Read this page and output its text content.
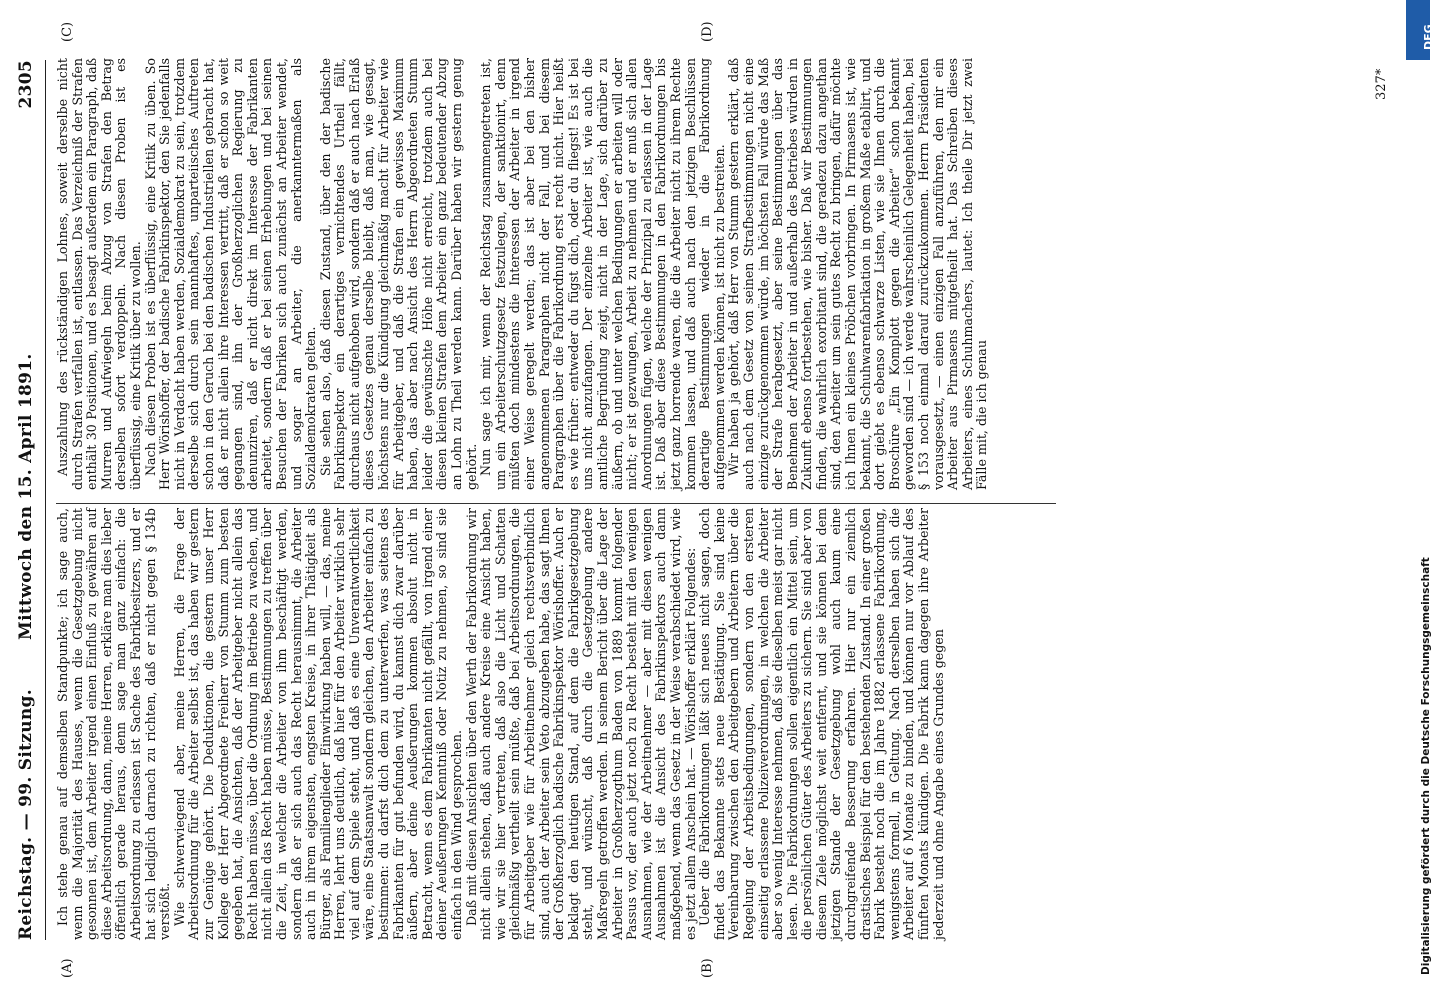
Reichstag. — 99. Sitzung.
Mittwoch den 15. April 1891.
2305
(A)	(B)
(C)	(D)

Ich stehe genau auf demselben Standpunkte; ich sage auch, wenn die Majorität des Hauses, wenn die Gesetzgebung nicht gesonnen ist, dem Arbeiter irgend einen Einfluß zu gewähren auf diese Arbeitsordnung, dann, meine Herren, erkläre man dies lieber öffentlich gerade heraus, denn sage man ganz einfach: die Arbeitsordnung zu erlassen ist Sache des Fabrikbesitzers, und er hat sich lediglich darnach zu richten, daß er nicht gegen § 134b verstößt. Wie schwerwiegend aber, meine Herren, die Frage der Arbeitsordnung für die Arbeiter selbst ist, das haben wir gestern zur Genüge gehört. Die Deduktionen, die gestern unser Herr Kollege der Herr Abgeordnete Freiherr von Stumm zum besten gegeben hat, die Ansichten, daß der Arbeitgeber nicht allein das Recht haben müsse, über die Ordnung im Betriebe zu wachen, und nicht allein das Recht haben müsse, Bestimmungen zu treffen über die Zeit, in welcher die Arbeiter von ihm beschäftigt werden, sondern daß er sich auch das Recht herausnimmt, die Arbeiter auch in ihrem eigensten, engsten Kreise, in ihrer Thätigkeit als Bürger, als Familienglieder Einwirkung haben will, — das, meine Herren, lehrt uns deutlich, daß hier für den Arbeiter wirklich sehr viel auf dem Spiele steht, und daß es eine Unverantwortlichkeit wäre, eine Staatsanwalt sondern gleichen, den Arbeiter einfach zu bestimmen: du darfst dich dem zu unterwerfen, was seitens des Fabrikanten für gut befunden wird, du kannst dich zwar darüber äußern, aber deine Aeußerungen kommen absolut nicht in Betracht, wenn es dem Fabrikanten nicht gefällt, von irgend einer deiner Aeußerungen Kenntniß oder Notiz zu nehmen, so sind sie einfach in den Wind gesprochen. Daß mit diesen Ansichten über den Werth der Fabrikordnung wir nicht allein stehen, daß auch andere Kreise eine Ansicht haben, wie wir sie hier vertreten, daß also die Licht und Schatten gleichmäßig vertheilt sein müßte, daß bei Arbeitsordnungen, die für Arbeitgeber wie für Arbeitnehmer gleich rechtsverbindlich sind, auch der Arbeiter sein Veto abzugeben habe, das sagt Ihnen der Großherzoglich badische Fabrikinspektor Wörishoffer. Auch er beklagt den heutigen Stand, auf dem die Fabrikgesetzgebung steht, und wünscht, daß durch die Gesetzgebung andere Maßregeln getroffen werden. In seinem Bericht über die Lage der Arbeiter in Großherzogthum Baden von 1889 kommt folgender Passus vor, der auch jetzt noch zu Recht besteht mit den wenigen Ausnahmen, wie der Arbeitnehmer — aber mit diesen wenigen Ausnahmen ist die Ansicht des Fabrikinspektors auch dann maßgebend, wenn das Gesetz in der Weise verabschiedet wird, wie es jetzt allem Anschein hat. — Wörishoffer erklärt Folgendes: Ueber die Fabrikordnungen läßt sich neues nicht sagen, doch findet das Bekannte stets neue Bestätigung. Sie sind keine Vereinbarung zwischen den Arbeitgebern und Arbeitern über die Regelung der Arbeitsbedingungen, sondern von den ersteren einseitig erlassene Polizeiverordnungen, in welchen die Arbeiter aber so wenig Interesse nehmen, daß sie dieselben meist gar nicht lesen. Die Fabrikordnungen sollen eigentlich ein Mittel sein, um die persönlichen Güter des Arbeiters zu sichern. Sie sind aber von diesem Ziele möglichst weit entfernt, und sie können bei dem jetzigen Stande der Gesetzgebung wohl auch kaum eine durchgreifende Besserung erfahren. Hier nur ein ziemlich drastisches Beispiel für den bestehenden Zustand. In einer großen Fabrik besteht noch die im Jahre 1882 erlassene Fabrikordnung, wenigstens formell, in Geltung. Nach derselben haben sich die Arbeiter auf 6 Monate zu binden, und können nur vor Ablauf des fünften Monats kündigen. Die Fabrik kann dagegen ihre Arbeiter jederzeit und ohne Angabe eines Grundes gegen

Auszahlung des rückständigen Lohnes, soweit derselbe nicht durch Strafen verfallen ist, entlassen. Das Verzeichniß der Strafen enthält 30 Positionen, und es besagt außerdem ein Paragraph, daß Murren und Aufwiegeln beim Abzug von Strafen den Betrag derselben sofort verdoppeln. Nach diesen Proben ist es überflüssig, eine Kritik über zu wollen. Nach diesen Proben ist es überflüssig, eine Kritik zu üben. So Herr Wörishoffer, der badische Fabrikinspektor, den Sie jedenfalls nicht in Verdacht haben werden, Sozialdemokrat zu sein, trotzdem derselbe sich durch sein mannhaftes, unparteiisches Auftreten schon in den Geruch bei den badischen Industriellen gebracht hat, daß er nicht allein ihre Interessen vertritt, daß er schon so weit gegangen sind, ihn der Großherzoglichen Regierung zu denunziren, daß er nicht direkt im Interesse der Fabrikanten arbeitet, sondern daß er bei seinen Erhebungen und bei seinen Besuchen der Fabriken sich auch zunächst an Arbeiter wendet, und sogar an Arbeiter, die anerkanntermaßen als Sozialdemokraten gelten. Sie sehen also, daß diesen Zustand, über den der badische Fabrikinspektor ein derartiges vernichtendes Urtheil fällt, durchaus nicht aufgehoben wird, sondern daß er auch nach Erlaß dieses Gesetzes genau derselbe bleibt, daß man, wie gesagt, höchstens nur die Kündigung gleichmäßig macht für Arbeiter wie für Arbeitgeber, und daß die Strafen ein gewisses Maximum haben, das aber nach Ansicht des Herrn Abgeordneten Stumm leider die gewünschte Höhe nicht erreicht, trotzdem auch bei diesen kleinen Strafen dem Arbeiter ein ganz bedeutender Abzug an Lohn zu Theil werden kann. Darüber haben wir gestern genug gehört. Nun sage ich mir, wenn der Reichstag zusammengetreten ist, um ein Arbeiterschutzgesetz festzulegen, der sanktionirt, denn müßten doch mindestens die Interessen der Arbeiter in irgend einer Weise geregelt werden; das ist aber bei den bisher angenommenen Paragraphen nicht der Fall, und bei diesem Paragraphen über die Fabrikordnung erst recht nicht. Hier heißt es wie früher: entweder du fügst dich, oder du fliegst! Es ist bei uns nicht anzufangen. Der einzelne Arbeiter ist, wie auch die amtliche Begründung zeigt, nicht in der Lage, sich darüber zu äußern, ob und unter welchen Bedingungen er arbeiten will oder nicht; er ist gezwungen, Arbeit zu nehmen und er muß sich allen Anordnungen fügen, welche der Prinzipal zu erlassen in der Lage ist. Daß aber diese Bestimmungen in den Fabrikordnungen bis jetzt ganz horrende waren, die die Arbeiter nicht zu ihrem Rechte kommen lassen, und daß auch nach den jetzigen Beschlüssen derartige Bestimmungen wieder in die Fabrikordnung aufgenommen werden können, ist nicht zu bestreiten. Wir haben ja gehört, daß Herr von Stumm gestern erklärt, daß auch nach dem Gesetz von seinen Strafbestimmungen nicht eine einzige zurückgenommen würde, im höchsten Fall würde das Maß der Strafe herabgesetzt, aber seine Bestimmungen über das Benehmen der Arbeiter in und außerhalb des Betriebes würden in Zukunft ebenso fortbestehen, wie bisher. Daß wir Bestimmungen finden, die wahrlich exorbitant sind, die geradezu dazu angethan sind, den Arbeiter um sein gutes Recht zu bringen, dafür möchte ich Ihnen ein kleines Pröbchen vorbringen. In Pirmasens ist, wie bekannt, die Schuhwarenfabrikation in großem Maße etablirt, und dort giebt es ebenso schwarze Listen, wie sie Ihnen durch die Broschüre „Ein Komplott gegen die Arbeiter“ schon bekannt geworden sind — ich werde wahrscheinlich Gelegenheit haben, bei § 153 noch einmal darauf zurückzukommen. Herrn Präsidenten vorausgesetzt, — einen einzigen Fall anzuführen, den mir ein Arbeiter aus Pirmasens mitgetheilt hat. Das Schreiben dieses Arbeiters, eines Schuhmachers, lautet: Ich theile Dir jetzt zwei Fälle mit, die ich genau

327*
DFG
Digitalisierung gefördert durch die Deutsche Forschungsgemeinschaft
